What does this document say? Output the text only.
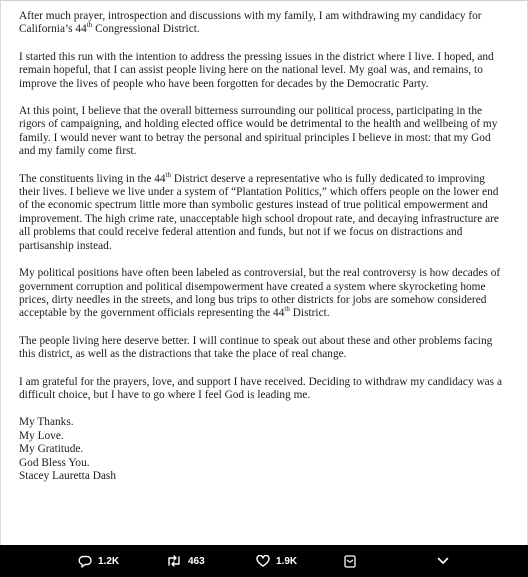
After much prayer, introspection and discussions with my family, I am withdrawing my candidacy for California’s 44th Congressional District.

I started this run with the intention to address the pressing issues in the district where I live. I hoped, and remain hopeful, that I can assist people living here on the national level. My goal was, and remains, to improve the lives of people who have been forgotten for decades by the Democratic Party.

At this point, I believe that the overall bitterness surrounding our political process, participating in the rigors of campaigning, and holding elected office would be detrimental to the health and wellbeing of my family. I would never want to betray the personal and spiritual principles I believe in most: that my God and my family come first.

The constituents living in the 44th District deserve a representative who is fully dedicated to improving their lives. I believe we live under a system of “Plantation Politics,” which offers people on the lower end of the economic spectrum little more than symbolic gestures instead of true political empowerment and improvement. The high crime rate, unacceptable high school dropout rate, and decaying infrastructure are all problems that could receive federal attention and funds, but not if we focus on distractions and partisanship instead.

My political positions have often been labeled as controversial, but the real controversy is how decades of government corruption and political disempowerment have created a system where skyrocketing home prices, dirty needles in the streets, and long bus trips to other districts for jobs are somehow considered acceptable by the government officials representing the 44th District.

The people living here deserve better. I will continue to speak out about these and other problems facing this district, as well as the distractions that take the place of real change.

I am grateful for the prayers, love, and support I have received. Deciding to withdraw my candidacy was a difficult choice, but I have to go where I feel God is leading me.

My Thanks.

My Love.

My Gratitude.

God Bless You.

Stacey Lauretta Dash

1.2K	463	1.9K
